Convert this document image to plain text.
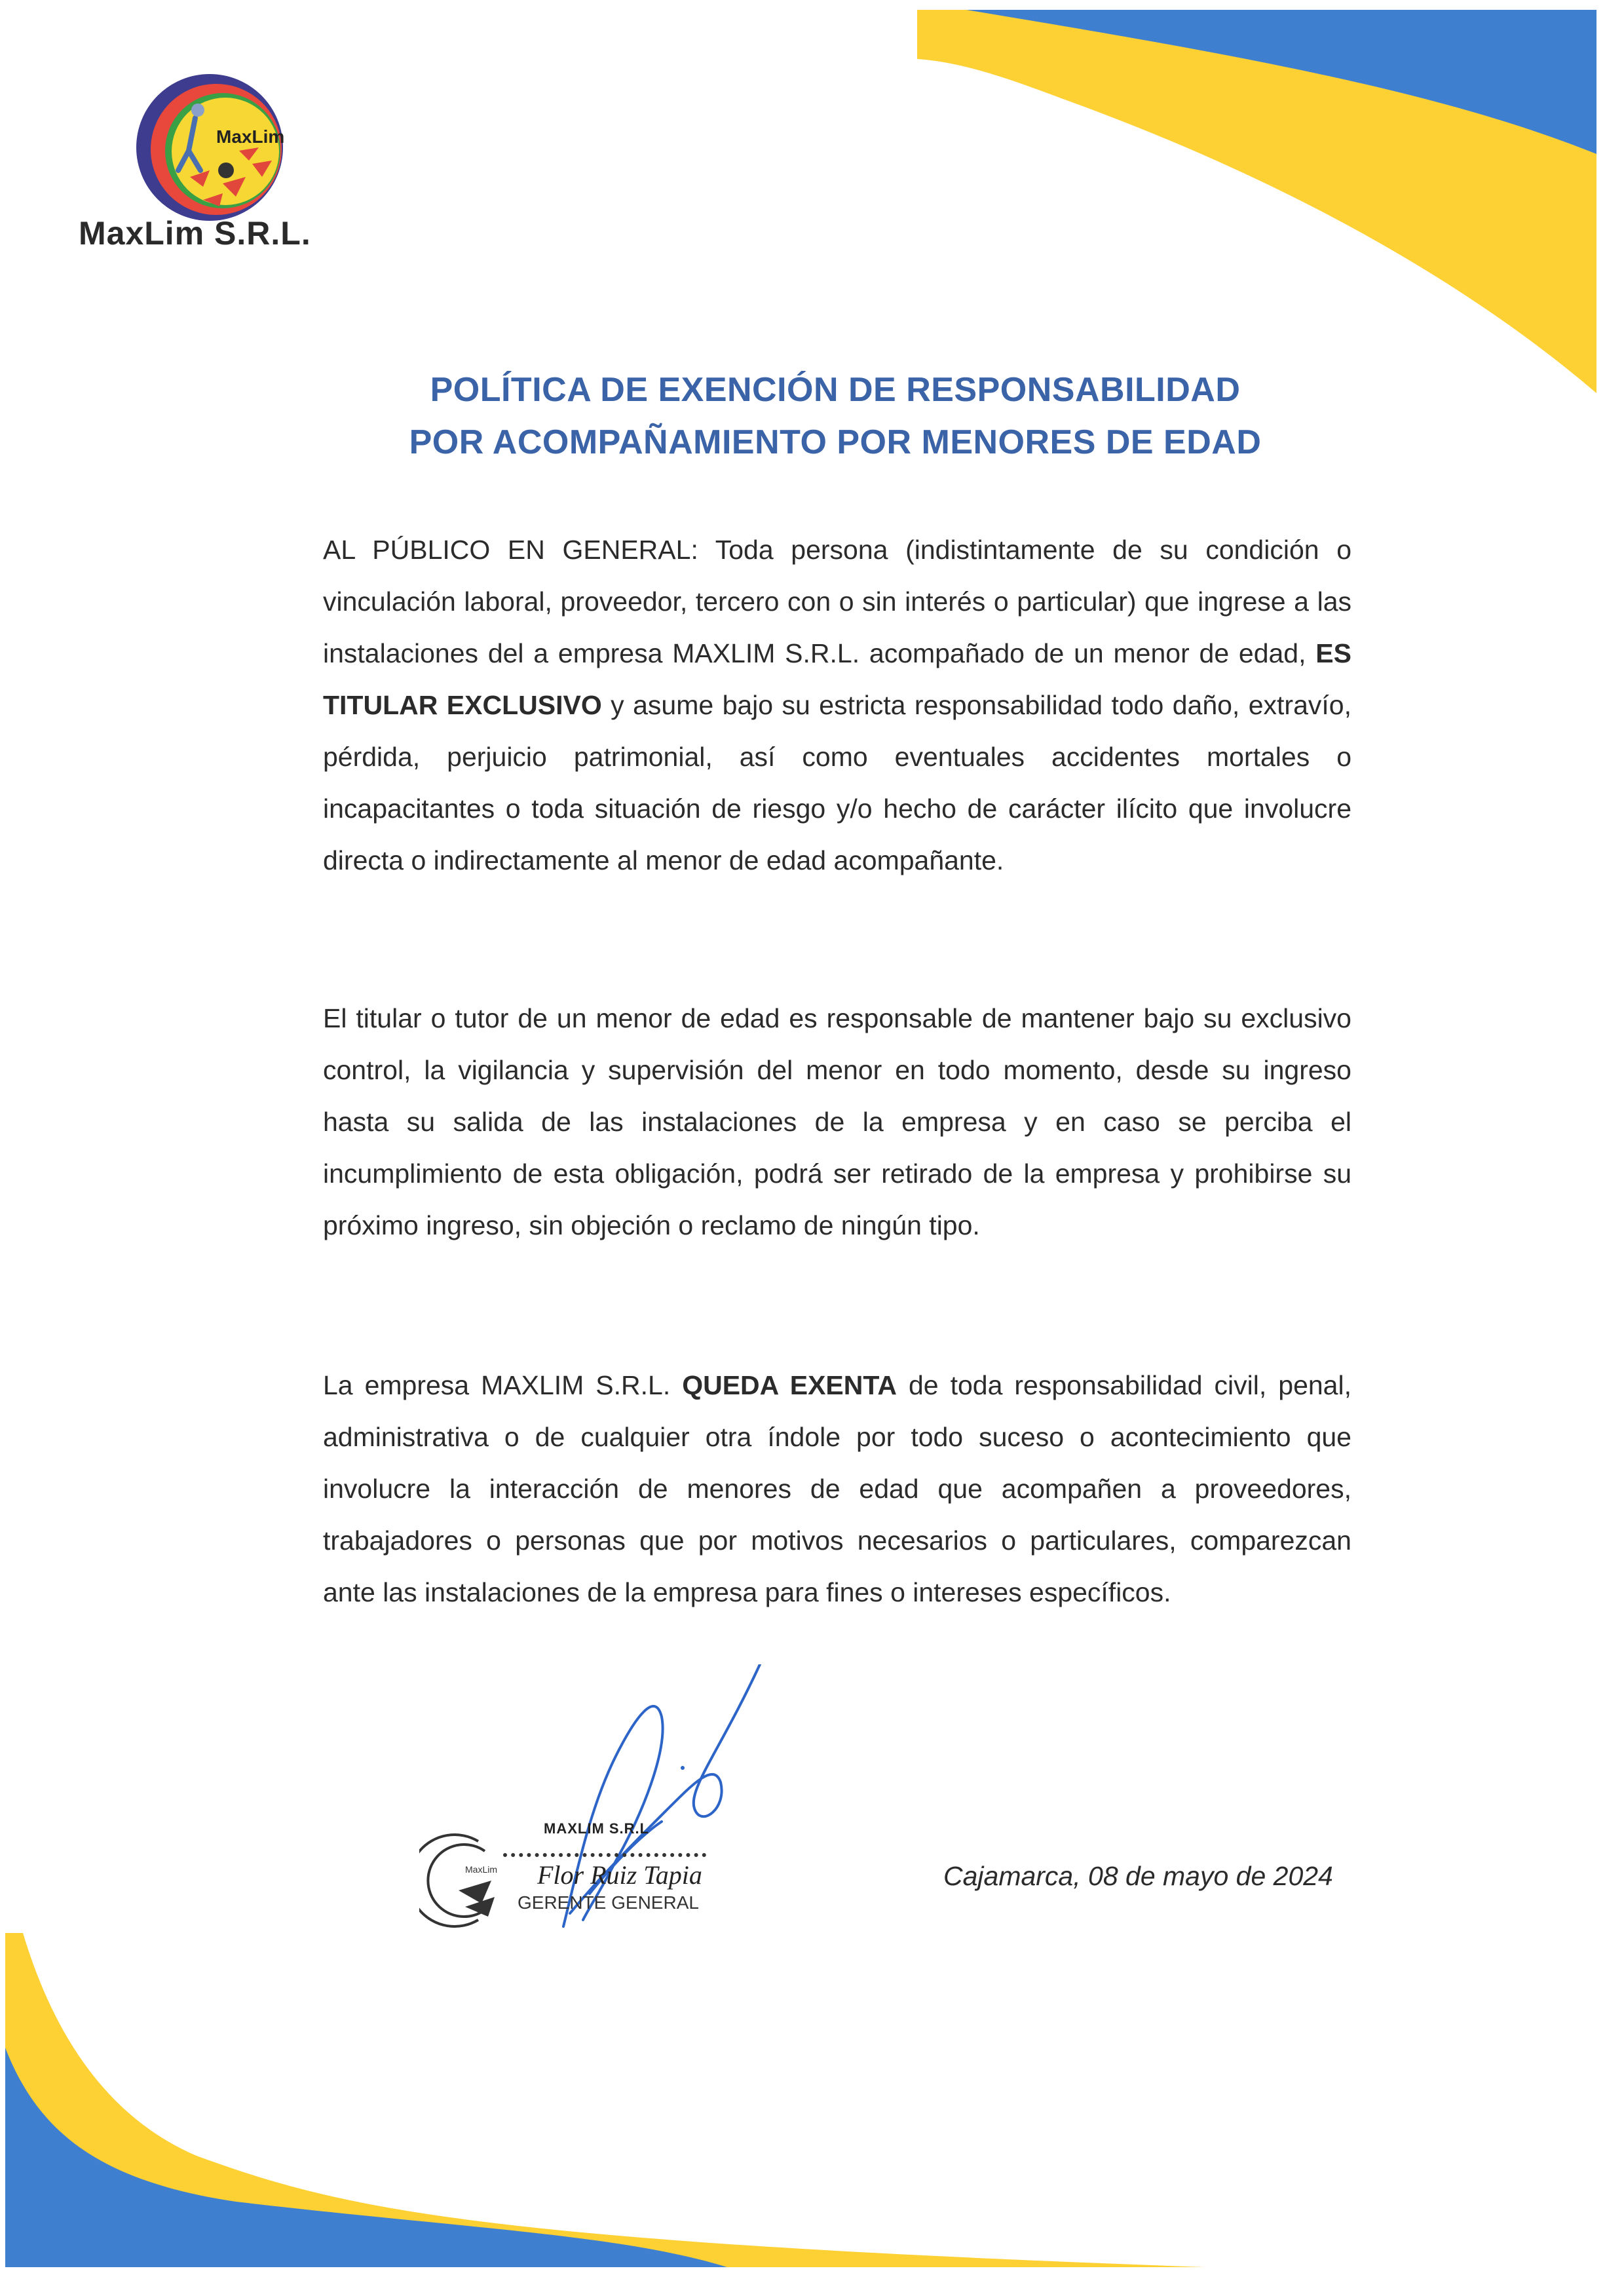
MaxLim
MaxLim S.R.L.
POLÍTICA DE EXENCIÓN DE RESPONSABILIDAD
POR ACOMPAÑAMIENTO POR MENORES DE EDAD
AL PÚBLICO EN GENERAL: Toda persona (indistintamente de su condición o vinculación laboral, proveedor, tercero con o sin interés o particular) que ingrese a las instalaciones del a empresa MAXLIM S.R.L. acompañado de un menor de edad, ES TITULAR EXCLUSIVO y asume bajo su estricta responsabilidad todo daño, extravío, pérdida, perjuicio patrimonial, así como eventuales accidentes mortales o incapacitantes o toda situación de riesgo y/o hecho de carácter ilícito que involucre directa o indirectamente al menor de edad acompañante.
El titular o tutor de un menor de edad es responsable de mantener bajo su exclusivo control, la vigilancia y supervisión del menor en todo momento, desde su ingreso hasta su salida de las instalaciones de la empresa y en caso se perciba el incumplimiento de esta obligación, podrá ser retirado de la empresa y prohibirse su próximo ingreso, sin objeción o reclamo de ningún tipo.
La empresa MAXLIM S.R.L. QUEDA EXENTA de toda responsabilidad civil, penal, administrativa o de cualquier otra índole por todo suceso o acontecimiento que involucre la interacción de menores de edad que acompañen a proveedores, trabajadores o personas que por motivos necesarios o particulares, comparezcan ante las instalaciones de la empresa para fines o intereses específicos.
MaxLim
MAXLIM S.R.L
Flor Ruiz Tapia
GERENTE GENERAL
Cajamarca, 08 de mayo de 2024
